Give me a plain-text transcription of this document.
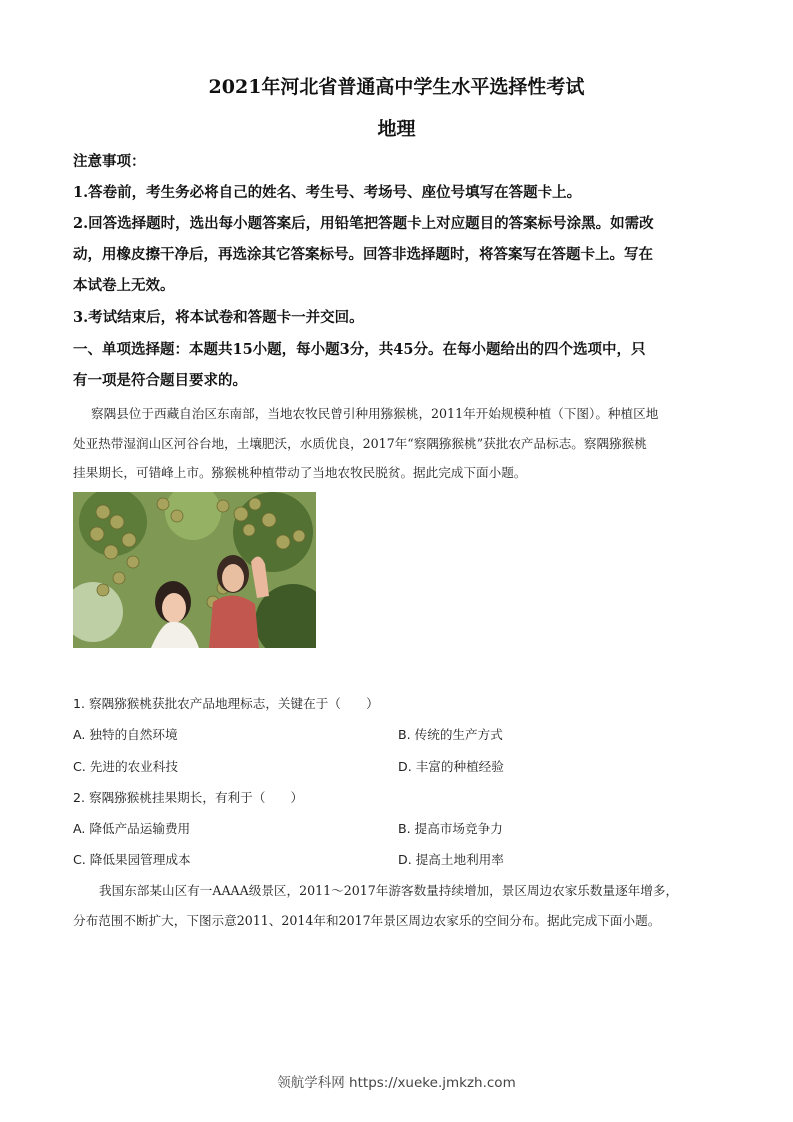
2021年河北省普通高中学生水平选择性考试
地理
注意事项：
1.答卷前，考生务必将自己的姓名、考生号、考场号、座位号填写在答题卡上。
2.回答选择题时，选出每小题答案后，用铅笔把答题卡上对应题目的答案标号涂黑。如需改
动，用橡皮擦干净后，再选涂其它答案标号。回答非选择题时，将答案写在答题卡上。写在
本试卷上无效。
3.考试结束后，将本试卷和答题卡一并交回。
一、单项选择题：本题共15小题，每小题3分，共45分。在每小题给出的四个选项中，只
有一项是符合题目要求的。
察隅县位于西藏自治区东南部，当地农牧民曾引种用猕猴桃，2011年开始规模种植（下图）。种植区地
处亚热带湿润山区河谷台地，土壤肥沃，水质优良，2017年“察隅猕猴桃”获批农产品标志。察隅猕猴桃
挂果期长，可错峰上市。猕猴桃种植带动了当地农牧民脱贫。据此完成下面小题。
1. 察隅猕猴桃获批农产品地理标志，关键在于（　　）
A. 独特的自然环境	B. 传统的生产方式
C. 先进的农业科技	D. 丰富的种植经验
2. 察隅猕猴桃挂果期长，有利于（　　）
A. 降低产品运输费用	B. 提高市场竞争力
C. 降低果园管理成本	D. 提高土地利用率
我国东部某山区有一AAAA级景区，2011～2017年游客数量持续增加，景区周边农家乐数量逐年增多，
分布范围不断扩大，下图示意2011、2014年和2017年景区周边农家乐的空间分布。据此完成下面小题。
领航学科网 https://xueke.jmkzh.com
